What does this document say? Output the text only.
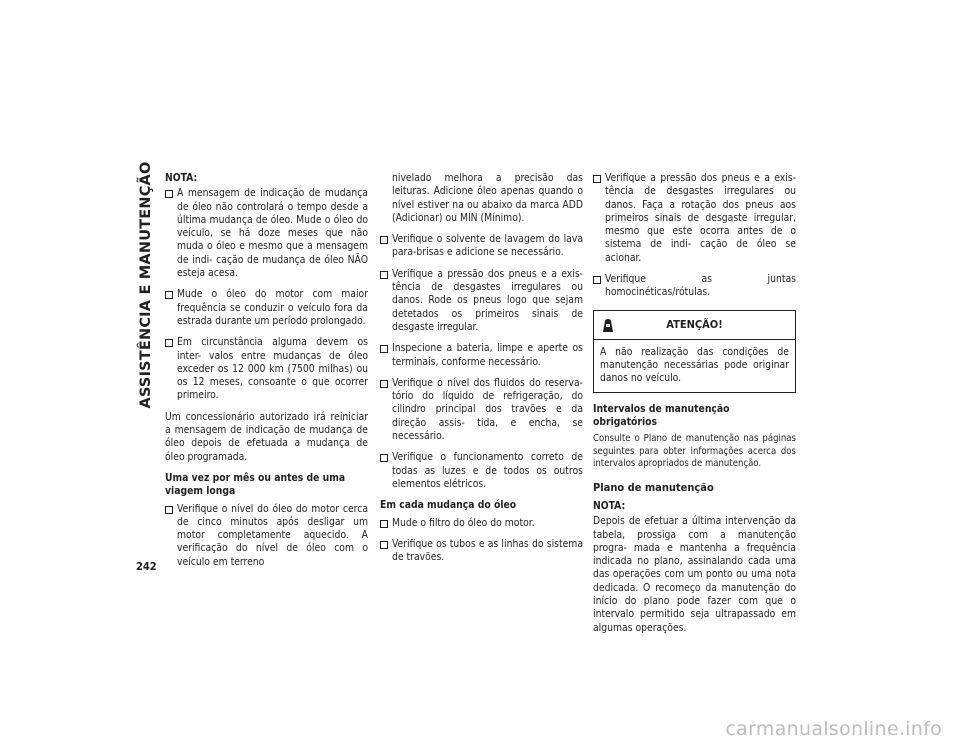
ASSISTÊNCIA E MANUTENÇÃO
242
NOTA:
A mensagem de indicação de mudança de óleo não controlará o tempo desde a última mudança de óleo. Mude o óleo do veículo, se há doze meses que não muda o óleo e mesmo que a mensagem de indi- cação de mudança de óleo NÃO esteja acesa.
Mude o óleo do motor com maior frequência se conduzir o veículo fora da estrada durante um período prolongado.
Em circunstância alguma devem os inter- valos entre mudanças de óleo exceder os 12 000 km (7500 milhas) ou os 12 meses, consoante o que ocorrer primeiro.
Um concessionário autorizado irá reiniciar a mensagem de indicação de mudança de óleo depois de efetuada a mudança de óleo programada.
Uma vez por mês ou antes de uma viagem longa
Verifique o nível do óleo do motor cerca de cinco minutos após desligar um motor completamente aquecido. A verificação do nível de óleo com o veículo em terreno
nivelado melhora a precisão das leituras. Adicione óleo apenas quando o nível estiver na ou abaixo da marca ADD (Adicionar) ou MIN (Mínimo).
Verifique o solvente de lavagem do lava para-brisas e adicione se necessário.
Verifique a pressão dos pneus e a exis- tência de desgastes irregulares ou danos. Rode os pneus logo que sejam detetados os primeiros sinais de desgaste irregular.
Inspecione a bateria, limpe e aperte os terminais, conforme necessário.
Verifique o nível dos fluidos do reserva- tório do líquido de refrigeração, do cilindro principal dos travões e da direção assis- tida, e encha, se necessário.
Verifique o funcionamento correto de todas as luzes e de todos os outros elementos elétricos.
Em cada mudança do óleo
Mude o filtro do óleo do motor.
Verifique os tubos e as linhas do sistema de travões.
Verifique a pressão dos pneus e a exis- tência de desgastes irregulares ou danos. Faça a rotação dos pneus aos primeiros sinais de desgaste irregular, mesmo que este ocorra antes de o sistema de indi- cação de óleo se acionar.
Verifique as juntas homocinéticas/rótulas.
ATENÇÃO!
A não realização das condições de manutenção necessárias pode originar danos no veículo.
Intervalos de manutenção obrigatórios
Consulte o Plano de manutenção nas páginas seguintes para obter informações acerca dos intervalos apropriados de manutenção.
Plano de manutenção
NOTA:
Depois de efetuar a última intervenção da tabela, prossiga com a manutenção progra- mada e mantenha a frequência indicada no plano, assinalando cada uma das operações com um ponto ou uma nota dedicada. O recomeço da manutenção do início do plano pode fazer com que o intervalo permitido seja ultrapassado em algumas operações.
carmanualsonline.info
